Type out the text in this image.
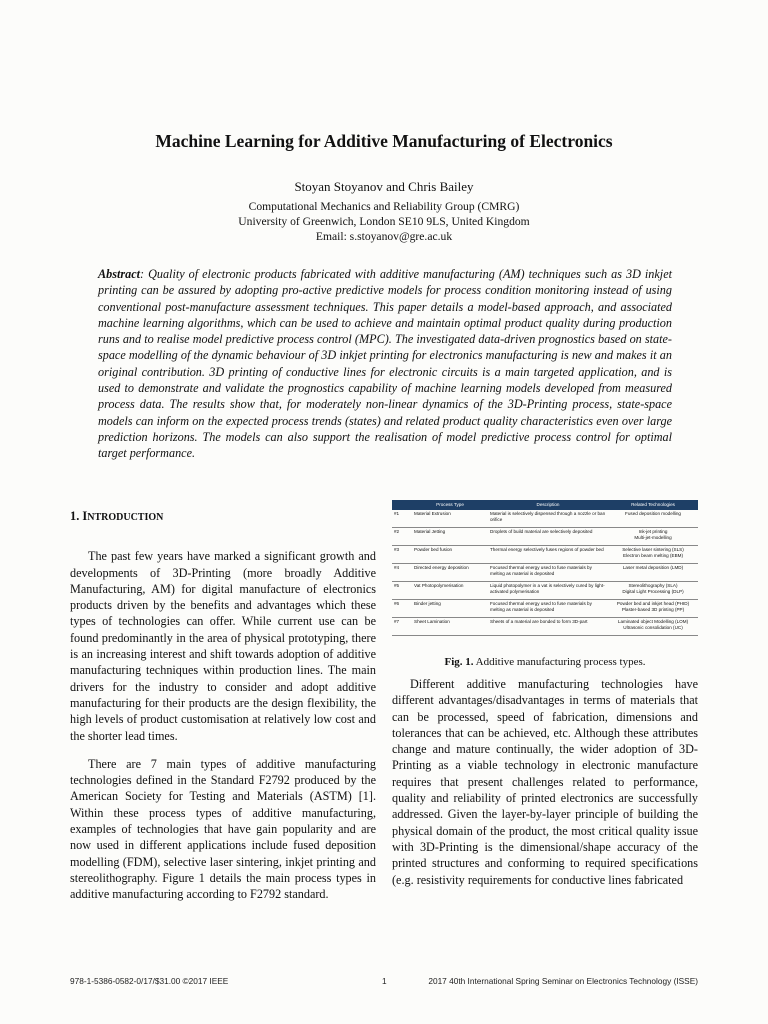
Machine Learning for Additive Manufacturing of Electronics
Stoyan Stoyanov and Chris Bailey
Computational Mechanics and Reliability Group (CMRG)
University of Greenwich, London SE10 9LS, United Kingdom
Email: s.stoyanov@gre.ac.uk
Abstract: Quality of electronic products fabricated with additive manufacturing (AM) techniques such as 3D inkjet printing can be assured by adopting pro-active predictive models for process condition monitoring instead of using conventional post-manufacture assessment techniques. This paper details a model-based approach, and associated machine learning algorithms, which can be used to achieve and maintain optimal product quality during production runs and to realise model predictive process control (MPC). The investigated data-driven prognostics based on state-space modelling of the dynamic behaviour of 3D inkjet printing for electronics manufacturing is new and makes it an original contribution. 3D printing of conductive lines for electronic circuits is a main targeted application, and is used to demonstrate and validate the prognostics capability of machine learning models developed from measured process data. The results show that, for moderately non-linear dynamics of the 3D-Printing process, state-space models can inform on the expected process trends (states) and related product quality characteristics even over large prediction horizons. The models can also support the realisation of model predictive process control for optimal target performance.
1. INTRODUCTION

The past few years have marked a significant growth and developments of 3D-Printing (more broadly Additive Manufacturing, AM) for digital manufacture of electronics products driven by the benefits and advantages which these types of technologies can offer. While current use can be found predominantly in the area of physical prototyping, there is an increasing interest and shift towards adoption of additive manufacturing techniques within production lines. The main drivers for the industry to consider and adopt additive manufacturing for their products are the design flexibility, the high levels of product customisation at relatively low cost and the shorter lead times.

There are 7 main types of additive manufacturing technologies defined in the Standard F2792 produced by the American Society for Testing and Materials (ASTM) [1]. Within these process types of additive manufacturing, examples of technologies that have gain popularity and are now used in different applications include fused deposition modelling (FDM), selective laser sintering, inkjet printing and stereolithography. Figure 1 details the main process types in additive manufacturing according to F2792 standard.

	Process Type	Description	Related Technologies
#1	Material Extrusion	Material is selectively dispensed through a nozzle or ban orifice	Fused deposition modelling
#2	Material Jetting	Droplets of build material are selectively deposited	Ink-jet printing
Multi-jet-modelling
#3	Powder bed fusion	Thermal energy selectively fuses regions of powder bed	Selective laser sintering (SLS)
Electron beam melting (EBM)
#4	Directed energy deposition	Focused thermal energy used to fuse materials by melting as material is deposited	Laser metal deposition (LMD)
#5	Vat Photopolymerisation	Liquid photopolymer in a vat is selectively cured by light-activated polymerisation	Stereolithography (SLA)
Digital Light Processing (DLP)
#6	Binder jetting	Focused thermal energy used to fuse materials by melting as material is deposited	Powder bed and inkjet head (PHID)
Plaster-based 3D printing (PP)
#7	Sheet Lamination	Sheets of a material are bonded to form 3D-part	Laminated object Modelling (LOM)
Ultrasonic consolidation (UC)
Fig. 1. Additive manufacturing process types.

Different additive manufacturing technologies have different advantages/disadvantages in terms of materials that can be processed, speed of fabrication, dimensions and tolerances that can be achieved, etc. Although these attributes change and mature continually, the wider adoption of 3D-Printing as a viable technology in electronic manufacture requires that present challenges related to performance, quality and reliability of printed electronics are successfully addressed. Given the layer-by-layer principle of building the physical domain of the product, the most critical quality issue with 3D-Printing is the dimensional/shape accuracy of the printed structures and conforming to required specifications (e.g. resistivity requirements for conductive lines fabricated

978-1-5386-0582-0/17/$31.00 ©2017 IEEE	1	2017 40th International Spring Seminar on Electronics Technology (ISSE)
